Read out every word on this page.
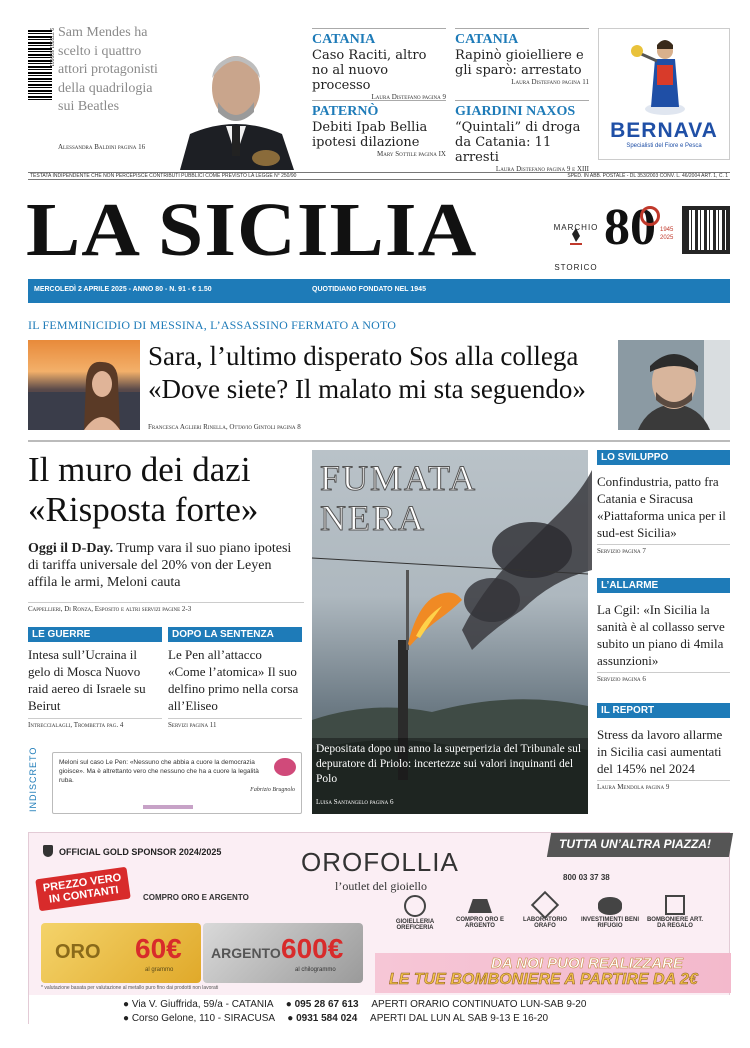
9 770391 500001 Sam Mendes ha scelto i quattro attori protagonisti della quadrilogia sui Beatles
Alessandra Baldini pagina 16
CATANIA
Caso Raciti, altro no al nuovo processo
Laura Distefano pagina 9
CATANIA
Rapinò gioielliere e gli sparò: arrestato
Laura Distefano pagina 11
PATERNÒ
Debiti Ipab Bellia ipotesi dilazione
Mary Sottile pagina IX
GIARDINI NAXOS
“Quintali” di droga da Catania: 11 arresti
Laura Distefano pagina 9 e XIII
BERNAVA
Specialisti del Fiore e Pesca
TESTATA INDIPENDENTE CHE NON PERCEPISCE CONTRIBUTI PUBBLICI COME PREVISTO LA LEGGE N° 250/90	SPED. IN ABB. POSTALE - DL 353/2003 CONV. L. 46/2004 ART. 1, C. 1
LA SICILIA	MARCHIO STORICO
80 1945 2025
MERCOLEDÌ 2 APRILE 2025 - ANNO 80 - N. 91 - € 1.50	QUOTIDIANO FONDATO NEL 1945
IL FEMMINICIDIO DI MESSINA, L’ASSASSINO FERMATO A NOTO
Sara, l’ultimo disperato Sos alla collega
«Dove siete? Il malato mi sta seguendo»
Francesca Aglieri Rinella, Ottavio Gintoli pagina 8
Il muro dei dazi
«Risposta forte»
Oggi il D-Day. Trump vara il suo piano ipotesi di tariffa universale del 20% von der Leyen affila le armi, Meloni cauta
Cappellieri, Di Ronza, Esposito e altri servizi pagine 2-3
LE GUERRE
Intesa sull’Ucraina il gelo di Mosca Nuovo raid aereo di Israele su Beirut
Intreccialagli, Trombetta pag. 4
DOPO LA SENTENZA
Le Pen all’attacco «Come l’atomica» Il suo delfino primo nella corsa all’Eliseo
Servizi pagina 11
INDISCRETO	Meloni sul caso Le Pen: «Nessuno che abbia a cuore la democrazia gioisce». Ma è altrettanto vero che nessuno che ha a cuore la legalità ruba.
Fabrizio Brugnolo
FUMATA
NERA
Depositata dopo un anno la superperizia del Tribunale sul depuratore di Priolo: incertezze sui valori inquinanti del Polo
Luisa Santangelo pagina 6
LO SVILUPPO
Confindustria, patto fra Catania e Siracusa «Piattaforma unica per il sud-est Sicilia»
Servizio pagina 7
L’ALLARME
La Cgil: «In Sicilia la sanità è al collasso serve subito un piano di 4mila assunzioni»
Servizio pagina 6
IL REPORT
Stress da lavoro allarme in Sicilia casi aumentati del 145% nel 2024
Laura Mendola pagina 9
OFFICIAL GOLD SPONSOR 2024/2025
TUTTA UN’ALTRA PIAZZA!
OROFOLLIA
l’outlet del gioiello
800 03 37 38
PREZZO VERO IN CONTANTI	COMPRO ORO E ARGENTO
ORO 60€
al grammo
ARGENTO 600€
al chilogrammo
* valutazione basata per valutazione al metallo puro fino dai prodotti non lavorati
GIOIELLERIA OREFICERIA
COMPRO ORO E ARGENTO
LABORATORIO ORAFO
INVESTIMENTI BENI RIFUGIO
BOMBONIERE ART. DA REGALO
DA NOI PUOI REALIZZARE
LE TUE BOMBONIERE A PARTIRE DA 2€
● Via V. Giuffrida, 59/a - CATANIA ● 095 28 67 613 APERTI ORARIO CONTINUATO LUN-SAB 9-20
● Corso Gelone, 110 - SIRACUSA ● 0931 584 024 APERTI DAL LUN AL SAB 9-13 E 16-20
